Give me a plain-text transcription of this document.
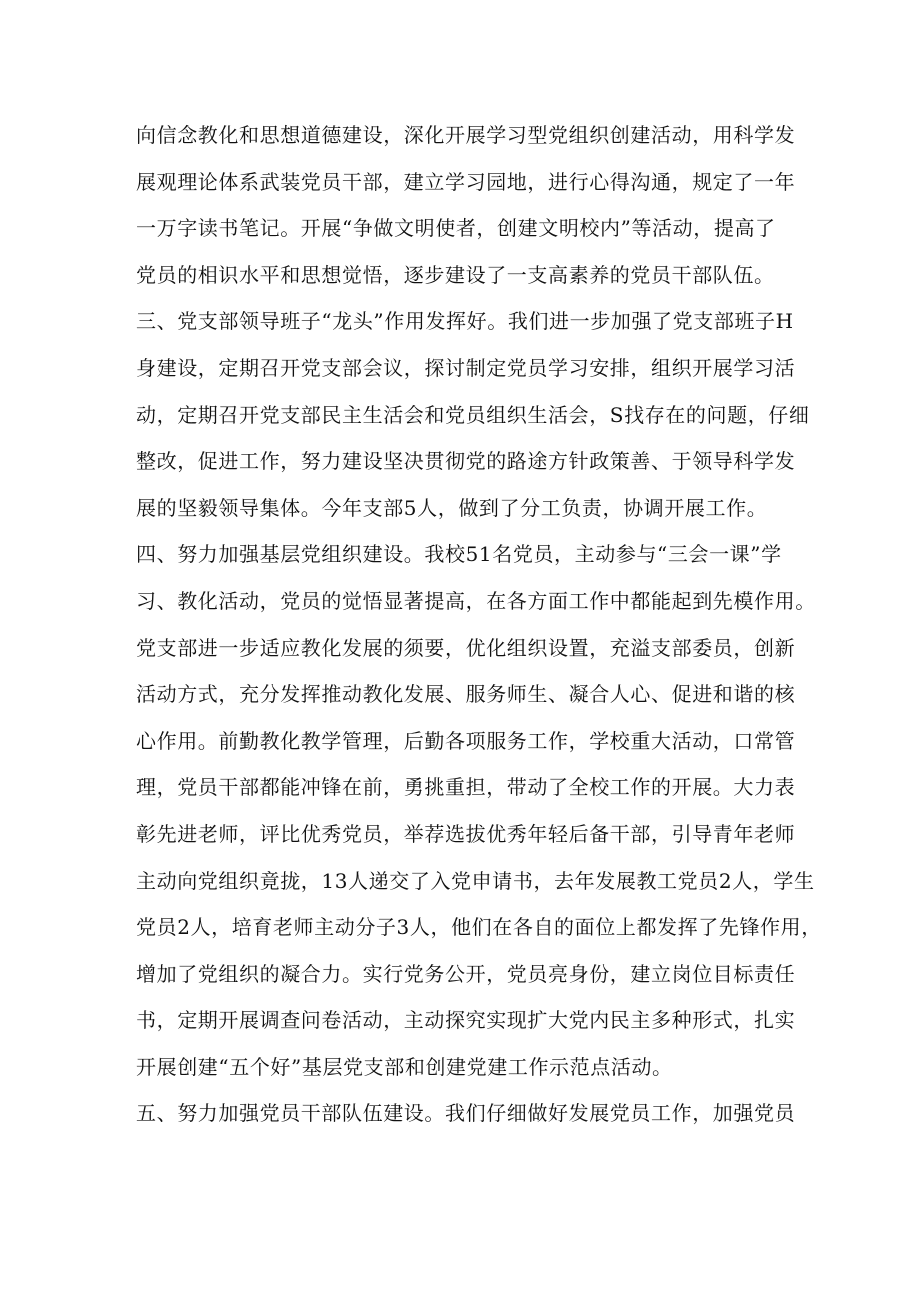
向信念教化和思想道德建设，深化开展学习型党组织创建活动，用科学发
展观理论体系武装党员干部，建立学习园地，进行心得沟通，规定了一年
一万字读书笔记。开展“争做文明使者，创建文明校内”等活动，提高了
党员的相识水平和思想觉悟，逐步建设了一支高素养的党员干部队伍。
三、党支部领导班子“龙头”作用发挥好。我们进一步加强了党支部班子H
身建设，定期召开党支部会议，探讨制定党员学习安排，组织开展学习活
动，定期召开党支部民主生活会和党员组织生活会，S找存在的问题，仔细
整改，促进工作，努力建设坚决贯彻党的路途方针政策善、于领导科学发
展的坚毅领导集体。今年支部5人，做到了分工负责，协调开展工作。
四、努力加强基层党组织建设。我校51名党员，主动参与“三会一课”学
习、教化活动，党员的觉悟显著提高，在各方面工作中都能起到先模作用。
党支部进一步适应教化发展的须要，优化组织设置，充溢支部委员，创新
活动方式，充分发挥推动教化发展、服务师生、凝合人心、促进和谐的核
心作用。前勤教化教学管理，后勤各项服务工作，学校重大活动，口常管
理，党员干部都能冲锋在前，勇挑重担，带动了全校工作的开展。大力表
彰先进老师，评比优秀党员，举荐选拔优秀年轻后备干部，引导青年老师
主动向党组织竟拢，13人递交了入党申请书，去年发展教工党员2人，学生
党员2人，培育老师主动分子3人，他们在各自的面位上都发挥了先锋作用，
增加了党组织的凝合力。实行党务公开，党员亮身份，建立岗位目标责任
书，定期开展调查问卷活动，主动探究实现扩大党内民主多种形式，扎实
开展创建“五个好”基层党支部和创建党建工作示范点活动。
五、努力加强党员干部队伍建设。我们仔细做好发展党员工作，加强党员
